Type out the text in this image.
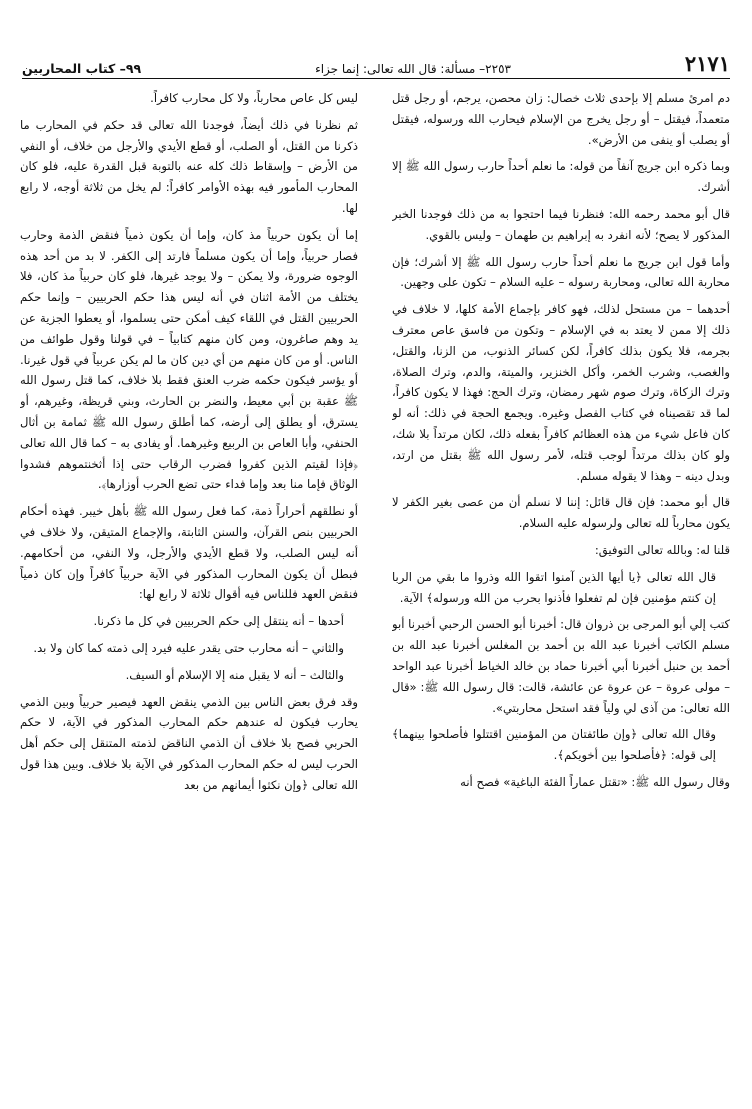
٢١٧١
٢٢٥٣– مسألة: قال الله تعالى: إنما جزاء
٩٩– كتاب المحاربين

دم امرئ مسلم إلا بإحدى ثلاث خصال: زان محصن، يرجم، أو رجل قتل متعمداً، فيقتل – أو رجل يخرج من الإسلام فيحارب الله ورسوله، فيقتل أو يصلب أو ينفى من الأرض».

وبما ذكره ابن جريج آنفاً من قوله: ما نعلم أحداً حارب رسول الله ﷺ إلا أشرك.

قال أبو محمد رحمه الله: فنظرنا فيما احتجوا به من ذلك فوجدنا الخبر المذكور لا يصح؛ لأنه انفرد به إبراهيم بن طهمان – وليس بالقوي.

وأما قول ابن جريج ما نعلم أحداً حارب رسول الله ﷺ إلا أشرك؛ فإن محاربة الله تعالى، ومحاربة رسوله – عليه السلام – تكون على وجهين.

أحدهما – من مستحل لذلك، فهو كافر بإجماع الأمة كلها، لا خلاف في ذلك إلا ممن لا يعتد به في الإسلام – وتكون من فاسق عاص معترف بجرمه، فلا يكون بذلك كافراً، لكن كسائر الذنوب، من الزنا، والقتل، والغصب، وشرب الخمر، وأكل الخنزير، والميتة، والدم، وترك الصلاة، وترك الزكاة، وترك صوم شهر رمضان، وترك الحج: فهذا لا يكون كافراً، لما قد تقصيناه في كتاب الفصل وغيره. ويجمع الحجة في ذلك: أنه لو كان فاعل شيء من هذه العظائم كافراً بفعله ذلك، لكان مرتداً بلا شك، ولو كان بذلك مرتداً لوجب قتله، لأمر رسول الله ﷺ بقتل من ارتد، وبدل دينه – وهذا لا يقوله مسلم.

قال أبو محمد: فإن قال قائل: إننا لا نسلم أن من عصى بغير الكفر لا يكون محارباً لله تعالى ولرسوله عليه السلام.

قلنا له: وبالله تعالى التوفيق:

قال الله تعالى ﴿يا أيها الذين آمنوا اتقوا الله وذروا ما بقي من الربا إن كنتم مؤمنين فإن لم تفعلوا فأذنوا بحرب من الله ورسوله﴾ الآية.

كتب إلي أبو المرجى بن ذروان قال: أخبرنا أبو الحسن الرحبي أخبرنا أبو مسلم الكاتب أخبرنا عبد الله بن أحمد بن المغلس أخبرنا عبد الله بن أحمد بن حنبل أخبرنا أبي أخبرنا حماد بن خالد الخياط أخبرنا عبد الواحد – مولى عروة – عن عروة عن عائشة، قالت: قال رسول الله ﷺ: «قال الله تعالى: من آذى لي ولياً فقد استحل محاربتي».

وقال الله تعالى ﴿وإن طائفتان من المؤمنين اقتتلوا فأصلحوا بينهما﴾ إلى قوله: ﴿فأصلحوا بين أخويكم﴾.

وقال رسول الله ﷺ: «تقتل عماراً الفئة الباغية» فصح أنه

ليس كل عاص محارباً، ولا كل محارب كافراً.

ثم نظرنا في ذلك أيضاً، فوجدنا الله تعالى قد حكم في المحارب ما ذكرنا من القتل، أو الصلب، أو قطع الأيدي والأرجل من خلاف، أو النفي من الأرض – وإسقاط ذلك كله عنه بالتوبة قبل القدرة عليه، فلو كان المحارب المأمور فيه بهذه الأوامر كافراً: لم يخل من ثلاثة أوجه، لا رابع لها.

إما أن يكون حربياً مذ كان، وإما أن يكون ذمياً فنقض الذمة وحارب فصار حربياً، وإما أن يكون مسلماً فارتد إلى الكفر. لا بد من أحد هذه الوجوه ضرورة، ولا يمكن – ولا يوجد غيرها، فلو كان حربياً مذ كان، فلا يختلف من الأمة اثنان في أنه ليس هذا حكم الحربيين – وإنما حكم الحربيين القتل في اللقاء كيف أمكن حتى يسلموا، أو يعطوا الجزية عن يد وهم صاغرون، ومن كان منهم كتابياً – في قولنا وقول طوائف من الناس. أو من كان منهم من أي دين كان ما لم يكن عربياً في قول غيرنا. أو يؤسر فيكون حكمه ضرب العنق فقط بلا خلاف، كما قتل رسول الله ﷺ عقبة بن أبي معيط، والنضر بن الحارث، وبني قريظة، وغيرهم، أو يسترق، أو يطلق إلى أرضه، كما أطلق رسول الله ﷺ ثمامة بن أثال الحنفي، وأبا العاص بن الربيع وغيرهما. أو يفادى به – كما قال الله تعالى ﴿فإذا لقيتم الذين كفروا فضرب الرقاب حتى إذا أثخنتموهم فشدوا الوثاق فإما منا بعد وإما فداء حتى تضع الحرب أوزارها﴾.

أو نطلقهم أحراراً ذمة، كما فعل رسول الله ﷺ بأهل خيبر. فهذه أحكام الحربيين بنص القرآن، والسنن الثابتة، والإجماع المتيقن، ولا خلاف في أنه ليس الصلب، ولا قطع الأيدي والأرجل، ولا النفي، من أحكامهم. فبطل أن يكون المحارب المذكور في الآية حربياً كافراً وإن كان ذمياً فنقض العهد فللناس فيه أقوال ثلاثة لا رابع لها:

أحدها – أنه ينتقل إلى حكم الحربيين في كل ما ذكرنا.

والثاني – أنه محارب حتى يقدر عليه فيرد إلى ذمته كما كان ولا بد.

والثالث – أنه لا يقبل منه إلا الإسلام أو السيف.

وقد فرق بعض الناس بين الذمي ينقض العهد فيصير حربياً وبين الذمي يحارب فيكون له عندهم حكم المحارب المذكور في الآية، لا حكم الحربي فصح بلا خلاف أن الذمي الناقض لذمته المتنقل إلى حكم أهل الحرب ليس له حكم المحارب المذكور في الآية بلا خلاف. وبين هذا قول الله تعالى ﴿وإن نكثوا أيمانهم من بعد
